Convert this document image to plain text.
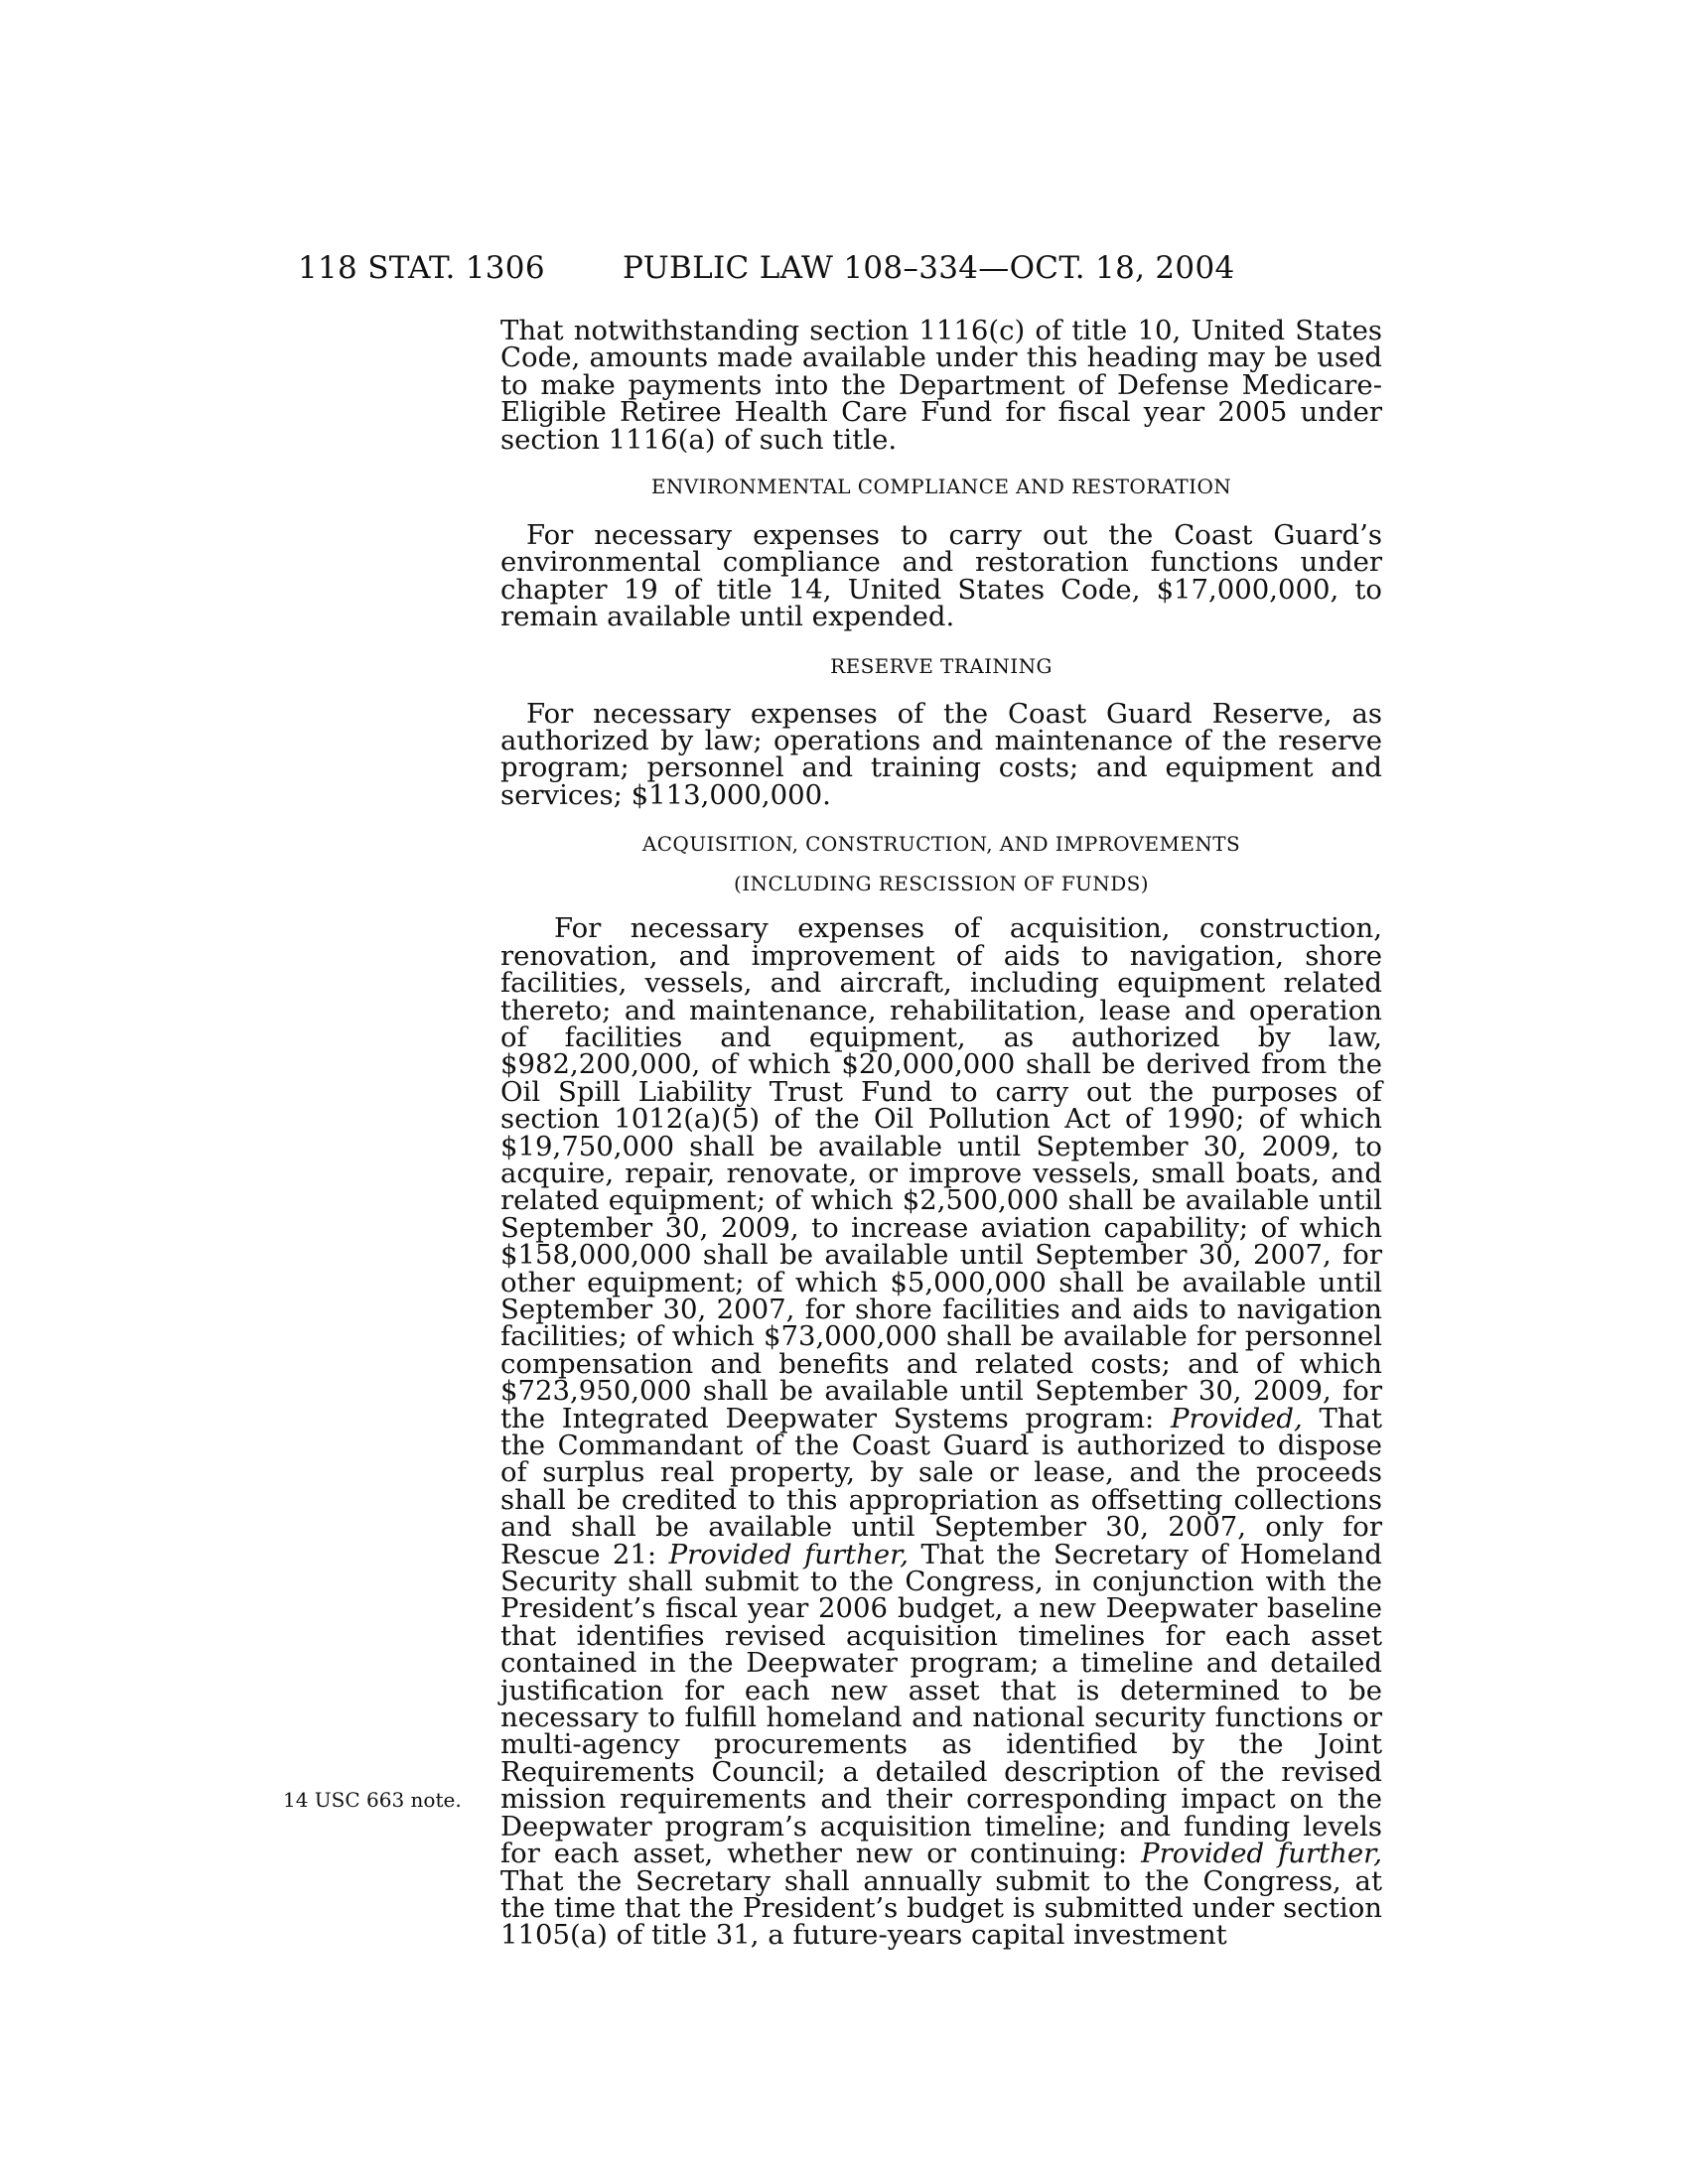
118 STAT. 1306	PUBLIC LAW 108–334—OCT. 18, 2004
14 USC 663 note.

That notwithstanding section 1116(c) of title 10, United States Code, amounts made available under this heading may be used to make payments into the Department of Defense Medicare-Eligible Retiree Health Care Fund for fiscal year 2005 under section 1116(a) of such title.

ENVIRONMENTAL COMPLIANCE AND RESTORATION

For necessary expenses to carry out the Coast Guard’s environmental compliance and restoration functions under chapter 19 of title 14, United States Code, $17,000,000, to remain available until expended.

RESERVE TRAINING

For necessary expenses of the Coast Guard Reserve, as authorized by law; operations and maintenance of the reserve program; personnel and training costs; and equipment and services; $113,000,000.

ACQUISITION, CONSTRUCTION, AND IMPROVEMENTS
(INCLUDING RESCISSION OF FUNDS)

For necessary expenses of acquisition, construction, renovation, and improvement of aids to navigation, shore facilities, vessels, and aircraft, including equipment related thereto; and maintenance, rehabilitation, lease and operation of facilities and equipment, as authorized by law, $982,200,000, of which $20,000,000 shall be derived from the Oil Spill Liability Trust Fund to carry out the purposes of section 1012(a)(5) of the Oil Pollution Act of 1990; of which $19,750,000 shall be available until September 30, 2009, to acquire, repair, renovate, or improve vessels, small boats, and related equipment; of which $2,500,000 shall be available until September 30, 2009, to increase aviation capability; of which $158,000,000 shall be available until September 30, 2007, for other equipment; of which $5,000,000 shall be available until September 30, 2007, for shore facilities and aids to navigation facilities; of which $73,000,000 shall be available for personnel compensation and benefits and related costs; and of which $723,950,000 shall be available until September 30, 2009, for the Integrated Deepwater Systems program: Provided, That the Commandant of the Coast Guard is authorized to dispose of surplus real property, by sale or lease, and the proceeds shall be credited to this appropriation as offsetting collections and shall be available until September 30, 2007, only for Rescue 21: Provided further, That the Secretary of Homeland Security shall submit to the Congress, in conjunction with the President’s fiscal year 2006 budget, a new Deepwater baseline that identifies revised acquisition timelines for each asset contained in the Deepwater program; a timeline and detailed justification for each new asset that is determined to be necessary to fulfill homeland and national security functions or multi-agency procurements as identified by the Joint Requirements Council; a detailed description of the revised mission requirements and their corresponding impact on the Deepwater program’s acquisition timeline; and funding levels for each asset, whether new or continuing: Provided further, That the Secretary shall annually submit to the Congress, at the time that the President’s budget is submitted under section 1105(a) of title 31, a future-years capital investment
